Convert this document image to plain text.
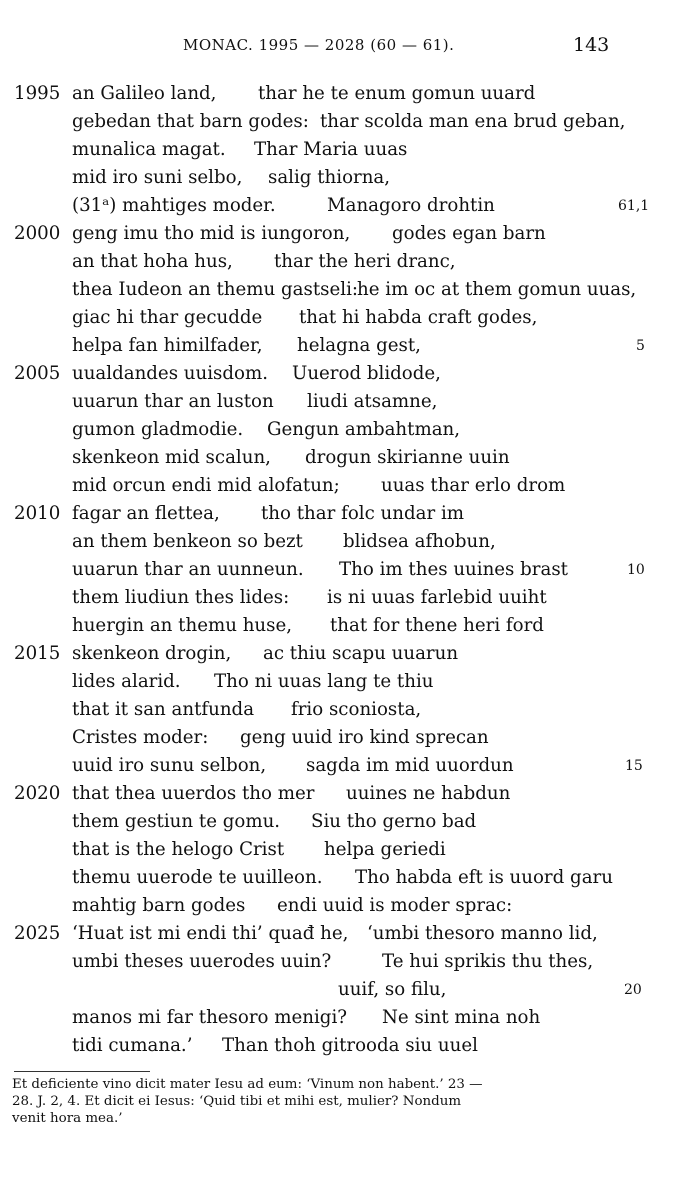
MONAC. 1995 — 2028 (60 — 61).	143
1995 an Galileo land, thar he te enum gomun uuard
gebedan that barn godes: thar scolda man ena brud geban,
munalica magat. Thar Maria uuas
mid iro suni selbo, salig thiorna,
(31ᵃ) mahtiges moder.	Managoro drohtin	61,1
2000 geng imu tho mid is iungoron, godes egan barn
an that hoha hus, thar the heri dranc,
thea Iudeon an themu gastseli:
he im oc at them gomun uuas,
giac hi thar gecudde that hi habda craft godes,
helpa fan himilfader, helagna gest,	5
2005 uualdandes uuisdom. Uuerod blidode,
uuarun thar an luston liudi atsamne,
gumon gladmodie. Gengun ambahtman,
skenkeon mid scalun, drogun skirianne uuin
mid orcun endi mid alofatun; uuas thar erlo drom
2010 fagar an flettea, tho thar folc undar im
an them benkeon so bezt blidsea afhobun,
uuarun thar an uunneun. Tho im thes uuines brast	10
them liudiun thes lides: is ni uuas farlebid uuiht
huergin an themu huse, that for thene heri ford
2015 skenkeon drogin, ac thiu scapu uuarun
lides alarid. Tho ni uuas lang te thiu
that it san antfunda frio sconiosta,
Cristes moder: geng uuid iro kind sprecan
uuid iro sunu selbon, sagda im mid uuordun	15
2020 that thea uuerdos tho mer uuines ne habdun
them gestiun te gomu. Siu tho gerno bad
that is the helogo Crist helpa geriedi
themu uuerode te uuilleon. Tho habda eft is uuord garu
mahtig barn godes endi uuid is moder sprac:
2025 ‘Huat ist mi endi thi’ quađ he, ‘umbi thesoro manno lid,
umbi theses uuerodes uuin?	Te hui sprikis thu thes,
uuif, so filu,	20
manos mi far thesoro menigi? Ne sint mina noh
tidi cumana.’ Than thoh gitrooda siu uuel
Et deficiente vino dicit mater Iesu ad eum: ‘Vinum non habent.’ 23 —
28. J. 2, 4. Et dicit ei Iesus: ‘Quid tibi et mihi est, mulier? Nondum
venit hora mea.’
